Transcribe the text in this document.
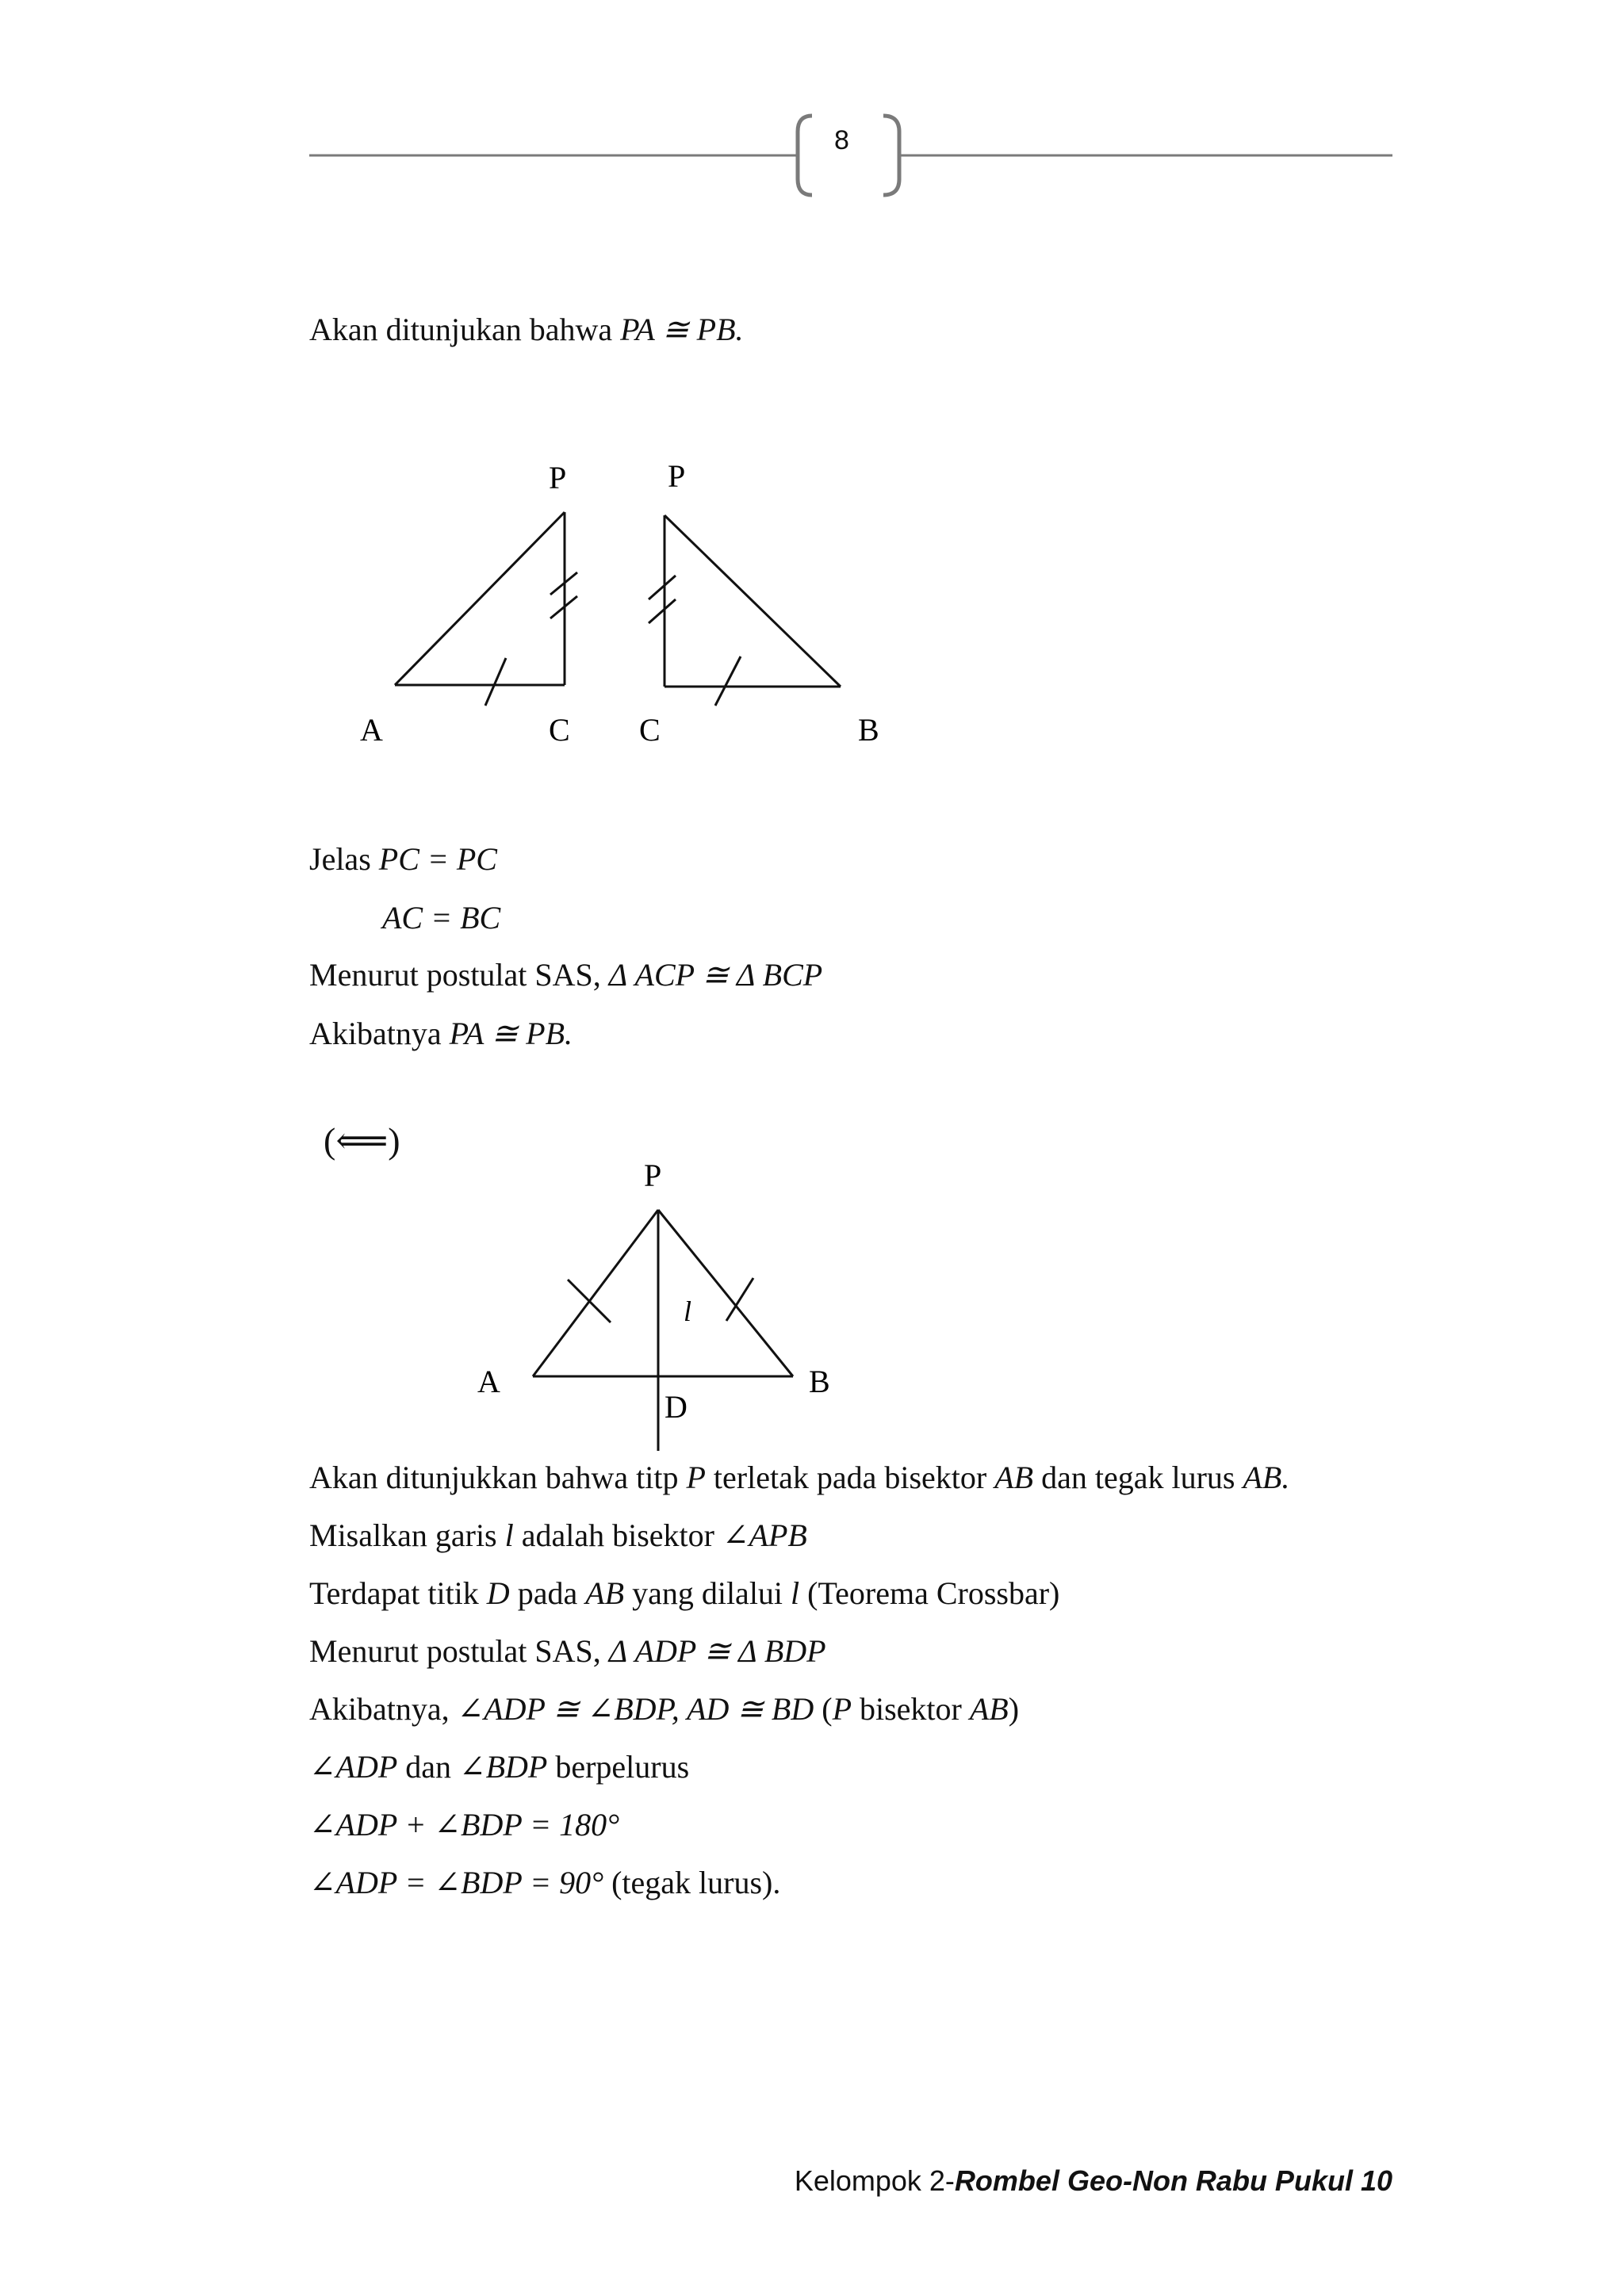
8
Akan ditunjukan bahwa PA ≅ PB.
P
A	C
P
C	B
Jelas PC = PC
AC = BC
Menurut postulat SAS, Δ ACP ≅ Δ BCP
Akibatnya PA ≅ PB.
(⟸)
P
A	B
D
l
Akan ditunjukkan bahwa titp P terletak pada bisektor AB dan tegak lurus AB.
Misalkan garis l adalah bisektor ∠APB
Terdapat titik D pada AB yang dilalui l (Teorema Crossbar)
Menurut postulat SAS, Δ ADP ≅ Δ BDP
Akibatnya, ∠ADP ≅ ∠BDP, AD ≅ BD (P bisektor AB)
∠ADP dan ∠BDP berpelurus
∠ADP + ∠BDP = 180°
∠ADP = ∠BDP = 90° (tegak lurus).
Kelompok 2-Rombel Geo-Non Rabu Pukul 10
